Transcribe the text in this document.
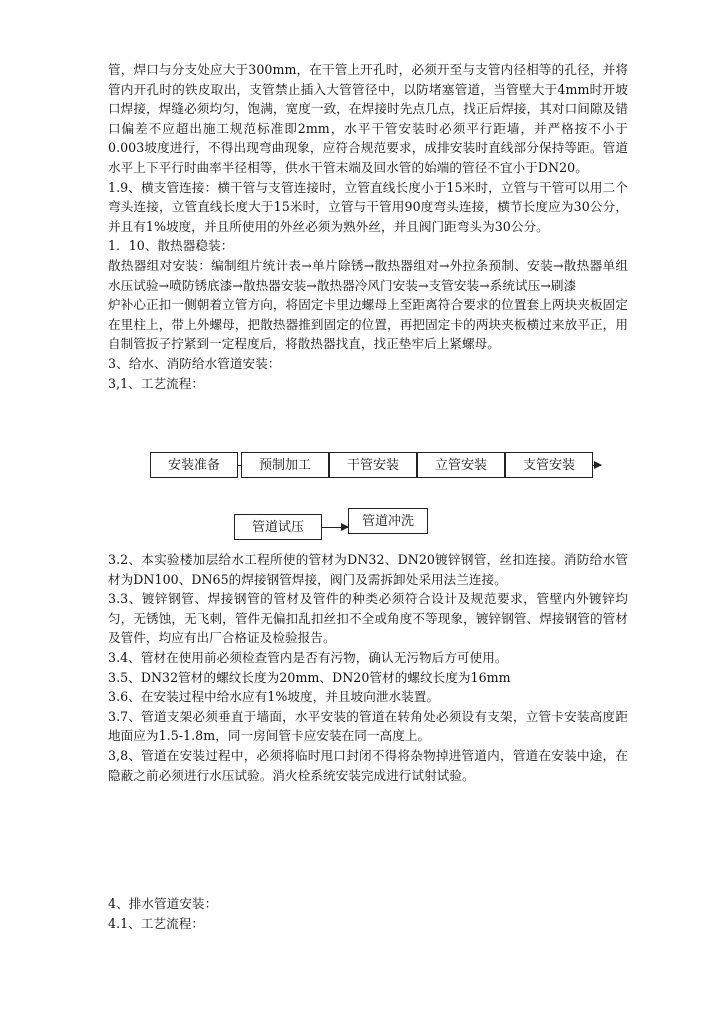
管，焊口与分支处应大于300mm，在干管上开孔时，必须开至与支管内径相等的孔径，并将管内开孔时的铁皮取出，支管禁止插入大管管径中，以防堵塞管道，当管壁大于4mm时开坡口焊接，焊缝必须均匀，饱满，宽度一致，在焊接时先点几点，找正后焊接，其对口间隙及错口偏差不应超出施工规范标准即2mm，水平干管安装时必须平行距墙，并严格按不小于0.003坡度进行，不得出现弯曲现象，应符合规范要求，成排安装时直线部分保持等距。管道水平上下平行时曲率半径相等，供水干管末端及回水管的始端的管径不宜小于DN20。

1.9、横支管连接：横干管与支管连接时，立管直线长度小于15米时，立管与干管可以用二个弯头连接，立管直线长度大于15米时，立管与干管用90度弯头连接，横节长度应为30公分，并且有1%坡度，并且所使用的外丝必须为熟外丝，并且阀门距弯头为30公分。

1．10、散热器稳装：

散热器组对安装：编制组片统计表→单片除锈→散热器组对→外拉条预制、安装→散热器单组水压试验→喷防锈底漆→散热器安装→散热器冷风门安装→支管安装→系统试压→刷漆

炉补心正扣一侧朝着立管方向，将固定卡里边螺母上至距离符合要求的位置套上两块夹板固定在里柱上，带上外螺母，把散热器推到固定的位置，再把固定卡的两块夹板横过来放平正，用自制管扳子拧紧到一定程度后，将散热器找直，找正垫牢后上紧螺母。

3、给水、消防给水管道安装：

3,1、工艺流程：

安装准备	预制加工	干管安装	立管安装	支管安装
管道试压	管道冲洗

3.2、本实验楼加层给水工程所使的管材为DN32、DN20镀锌钢管，丝扣连接。消防给水管材为DN100、DN65的焊接钢管焊接，阀门及需拆卸处采用法兰连接。

3.3、镀锌钢管、焊接钢管的管材及管件的种类必须符合设计及规范要求，管壁内外镀锌均匀，无锈蚀，无飞刺，管件无偏扣乱扣丝扣不全或角度不等现象，镀锌钢管、焊接钢管的管材及管件，均应有出厂合格证及检验报告。

3.4、管材在使用前必须检查管内是否有污物，确认无污物后方可使用。

3.5、DN32管材的螺纹长度为20mm、DN20管材的螺纹长度为16mm

3.6、在安装过程中给水应有1%坡度，并且坡向泄水装置。

3.7、管道支架必须垂直于墙面，水平安装的管道在转角处必须设有支架，立管卡安装高度距地面应为1.5-1.8m，同一房间管卡应安装在同一高度上。

3,8、管道在安装过程中，必须将临时甩口封闭不得将杂物掉进管道内，管道在安装中途，在隐蔽之前必须进行水压试验。消火栓系统安装完成进行试射试验。

4、排水管道安装：

4.1、工艺流程：
